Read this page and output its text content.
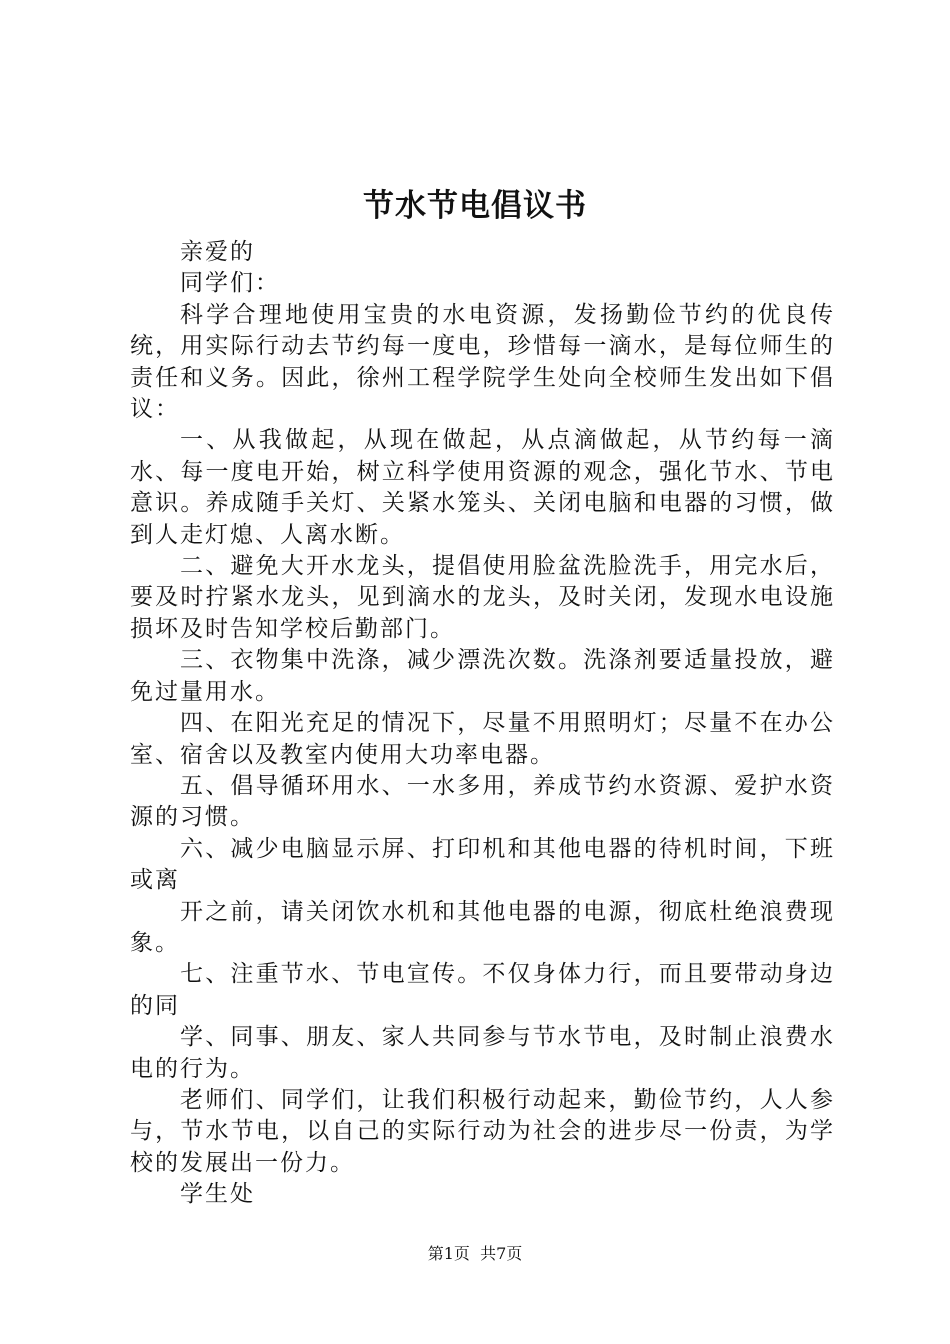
节水节电倡议书

亲爱的

同学们：

科学合理地使用宝贵的水电资源，发扬勤俭节约的优良传统，用实际行动去节约每一度电，珍惜每一滴水，是每位师生的责任和义务。因此，徐州工程学院学生处向全校师生发出如下倡议：

一、从我做起，从现在做起，从点滴做起，从节约每一滴水、每一度电开始，树立科学使用资源的观念，强化节水、节电意识。养成随手关灯、关紧水笼头、关闭电脑和电器的习惯，做到人走灯熄、人离水断。

二、避免大开水龙头，提倡使用脸盆洗脸洗手，用完水后，要及时拧紧水龙头，见到滴水的龙头，及时关闭，发现水电设施损坏及时告知学校后勤部门。

三、衣物集中洗涤，减少漂洗次数。洗涤剂要适量投放，避免过量用水。

四、在阳光充足的情况下，尽量不用照明灯；尽量不在办公室、宿舍以及教室内使用大功率电器。

五、倡导循环用水、一水多用，养成节约水资源、爱护水资源的习惯。

六、减少电脑显示屏、打印机和其他电器的待机时间，下班或离

开之前，请关闭饮水机和其他电器的电源，彻底杜绝浪费现象。

七、注重节水、节电宣传。不仅身体力行，而且要带动身边的同

学、同事、朋友、家人共同参与节水节电，及时制止浪费水电的行为。

老师们、同学们，让我们积极行动起来，勤俭节约，人人参与，节水节电，以自己的实际行动为社会的进步尽一份责，为学校的发展出一份力。

学生处

第1页  共7页
